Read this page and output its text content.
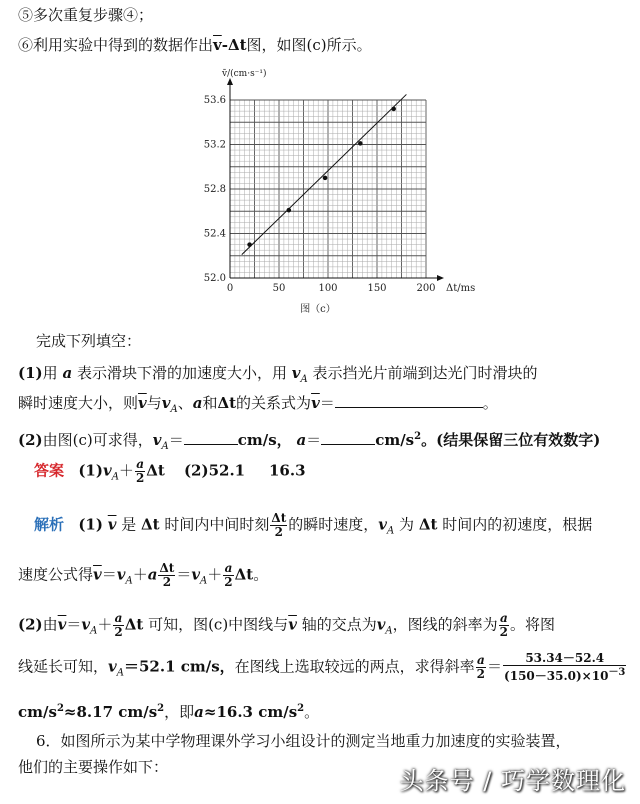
⑤多次重复步骤④；
⑥利用实验中得到的数据作出$\overline{v}-\Delta t$图，如图(c)所示。
0	50	100	150	200
52.0
52.4
52.8
53.2
53.6
v̄/(cm·s⁻¹)
Δt/ms
图（c）
完成下列填空：
(1)用 a 表示滑块下滑的加速度大小，用 $v_A$ 表示挡光片前端到达光门时滑块的
瞬时速度大小，则$\overline{v}$与$v_A$、a和Δt的关系式为$\overline{v}=$	。
(2)由图(c)可求得，$v_A=$	cm/s， a＝	$cm/s^2$。(结果保留三位有效数字)
答案 $(1)v_A+ \frac{a}{2}$ Δt (2)52.1 16.3
解析 (1) $\overline{v}$ 是 Δt 时间内中间时刻 $\frac{\Delta t}{2}$ 的瞬时速度，$v_A$ 为 Δt 时间内的初速度，根据
速度公式得$\overline{v}=v_A+a \frac{\Delta t}{2} =v_A+ \frac{a}{2}$ Δt。
(2)由$\overline{v}=v_A+ \frac{a}{2}$ Δt 可知，图(c)中图线与$\overline{v}$ 轴的交点为$v_A$，图线的斜率为 $\frac{a}{2}$ 。将图
线延长可知，$v_A=52.1$ cm/s，在图线上选取较远的两点，求得斜率 $\frac{a}{2} = \frac{53.34-52.4}{(150-35.0)\times 10^{-3}}$
$cm/s^2\approx 8.17$ $cm/s^2$，即a≈16.3 $cm/s^2$。
6．如图所示为某中学物理课外学习小组设计的测定当地重力加速度的实验装置，
他们的主要操作如下：	头条号 / 巧学数理化
